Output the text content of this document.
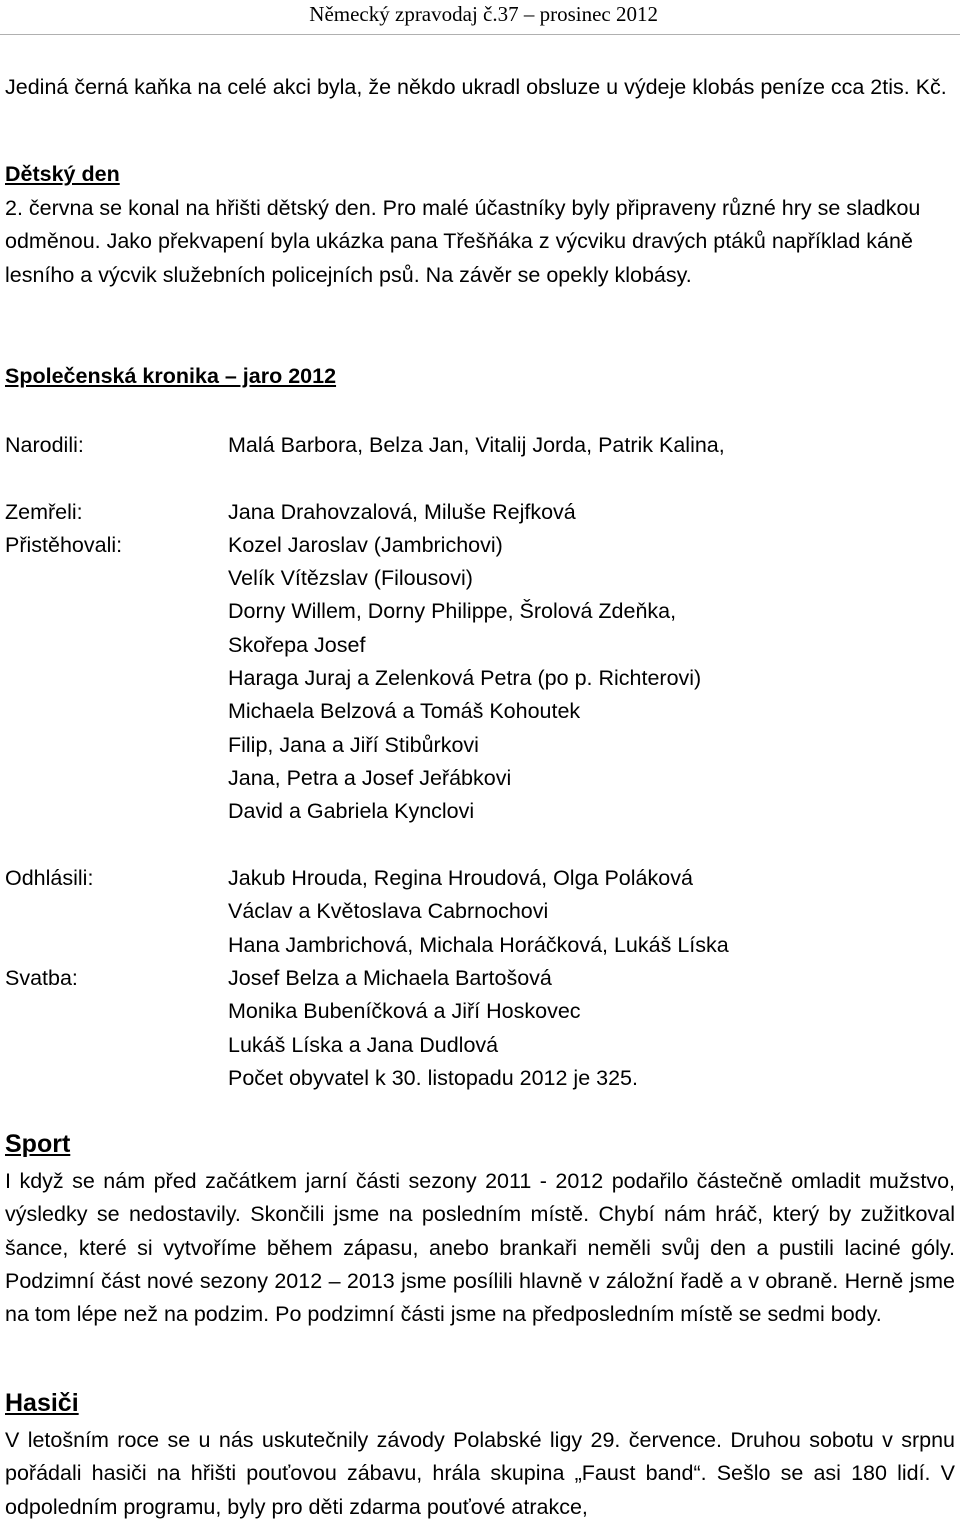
Německý zpravodaj č.37 – prosinec 2012

Jediná černá kaňka na celé akci byla, že někdo ukradl obsluze u výdeje klobás peníze cca 2tis. Kč.

Dětský den

2. června se konal na hřišti dětský den. Pro malé účastníky byly připraveny různé hry se sladkou odměnou. Jako překvapení byla ukázka pana Třešňáka z výcviku dravých ptáků například káně lesního a výcvik služebních policejních psů. Na závěr se opekly klobásy.

Společenská kronika – jaro 2012
Narodili:	Malá Barbora, Belza Jan, Vitalij Jorda, Patrik Kalina,
Zemřeli:	Jana Drahovzalová, Miluše Rejfková
Přistěhovali:	Kozel Jaroslav (Jambrichovi)
Velík Vítězslav (Filousovi)
Dorny Willem, Dorny Philippe, Šrolová Zdeňka,
Skořepa Josef
Haraga Juraj a Zelenková Petra (po p. Richterovi)
Michaela Belzová a Tomáš Kohoutek
Filip, Jana a Jiří Stibůrkovi
Jana, Petra a Josef Jeřábkovi
David a Gabriela Kynclovi
Odhlásili:	Jakub Hrouda, Regina Hroudová, Olga Poláková
Václav a Květoslava Cabrnochovi
Hana Jambrichová, Michala Horáčková, Lukáš Líska
Svatba:	Josef Belza a Michaela Bartošová
Monika Bubeníčková a Jiří Hoskovec
Lukáš Líska a Jana Dudlová
Počet obyvatel k 30. listopadu 2012 je 325.
Sport

I když se nám před začátkem jarní části sezony 2011 - 2012 podařilo částečně omladit mužstvo, výsledky se nedostavily. Skončili jsme na posledním místě. Chybí nám hráč, který by zužitkoval šance, které si vytvoříme během zápasu, anebo brankaři neměli svůj den a pustili laciné góly. Podzimní část nové sezony 2012 – 2013 jsme posílili hlavně v záložní řadě a v obraně. Herně jsme na tom lépe než na podzim. Po podzimní části jsme na předposledním místě se sedmi body.

Hasiči

V letošním roce se u nás uskutečnily závody Polabské ligy 29. července. Druhou sobotu v srpnu pořádali hasiči na hřišti pouťovou zábavu, hrála skupina „Faust band“. Sešlo se asi 180 lidí. V odpoledním programu, byly pro děti zdarma pouťové atrakce,
